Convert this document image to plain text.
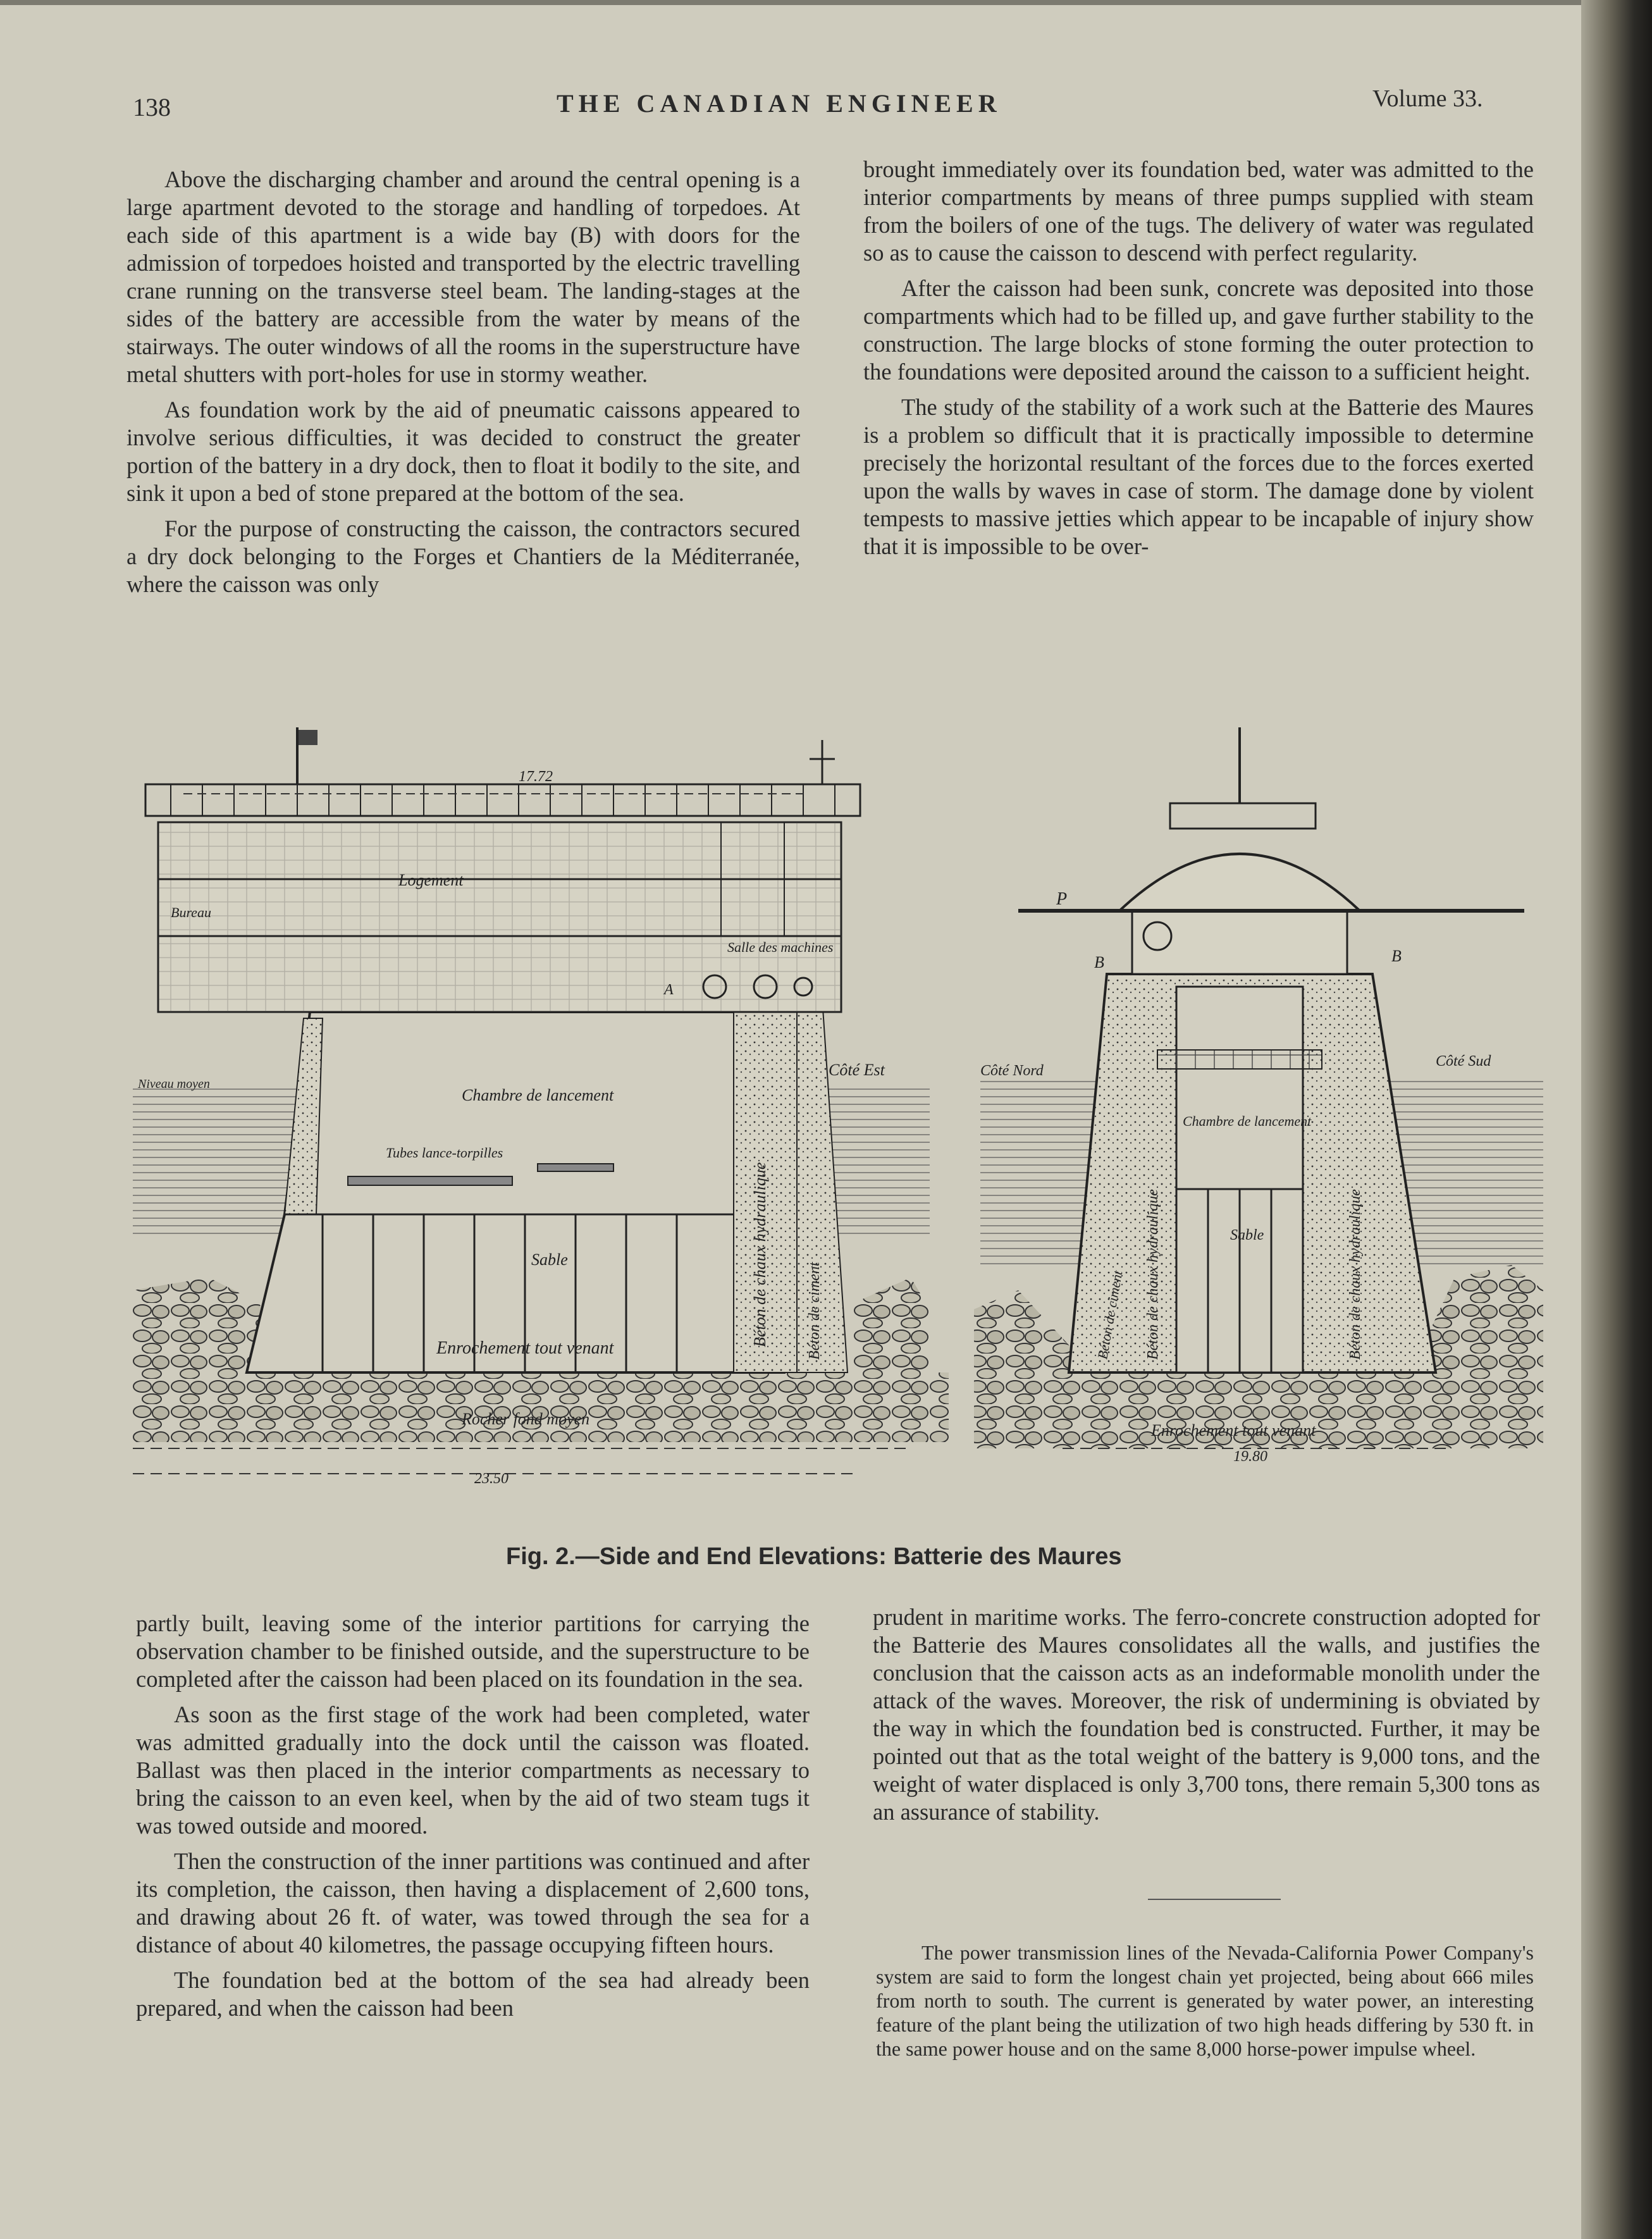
138	THE CANADIAN ENGINEER	Volume 33.

Above the discharging chamber and around the central opening is a large apartment devoted to the storage and handling of torpedoes. At each side of this apartment is a wide bay (B) with doors for the admission of torpedoes hoisted and transported by the electric travelling crane running on the transverse steel beam. The landing-stages at the sides of the battery are accessible from the water by means of the stairways. The outer windows of all the rooms in the superstructure have metal shutters with port-holes for use in stormy weather.

As foundation work by the aid of pneumatic caissons appeared to involve serious difficulties, it was decided to construct the greater portion of the battery in a dry dock, then to float it bodily to the site, and sink it upon a bed of stone prepared at the bottom of the sea.

For the purpose of constructing the caisson, the contractors secured a dry dock belonging to the Forges et Chantiers de la Méditerranée, where the caisson was only

brought immediately over its foundation bed, water was admitted to the interior compartments by means of three pumps supplied with steam from the boilers of one of the tugs. The delivery of water was regulated so as to cause the caisson to descend with perfect regularity.

After the caisson had been sunk, concrete was deposited into those compartments which had to be filled up, and gave further stability to the construction. The large blocks of stone forming the outer protection to the foundations were deposited around the caisson to a sufficient height.

The study of the stability of a work such at the Batterie des Maures is a problem so difficult that it is practically impossible to determine precisely the horizontal resultant of the forces due to the forces exerted upon the walls by waves in case of storm. The damage done by violent tempests to massive jetties which appear to be incapable of injury show that it is impossible to be over-

Bureau
Logement
Salle des machines
Chambre de lancement
Tubes lance-torpilles
Sable
Enrochement tout venant
Rocher fond moyen
Côté Est
Niveau moyen
17.72
23.50
A
Béton de chaux hydraulique Béton de ciment
P
B	B
Côté Nord
Côté Sud
Chambre de lancement
Sable
Enrochement tout venant
19.80
Béton de chaux hydraulique	Béton de chaux hydraulique
Béton de ciment
Fig. 2.—Side and End Elevations: Batterie des Maures

partly built, leaving some of the interior partitions for carrying the observation chamber to be finished outside, and the superstructure to be completed after the caisson had been placed on its foundation in the sea.

As soon as the first stage of the work had been completed, water was admitted gradually into the dock until the caisson was floated. Ballast was then placed in the interior compartments as necessary to bring the caisson to an even keel, when by the aid of two steam tugs it was towed outside and moored.

Then the construction of the inner partitions was continued and after its completion, the caisson, then having a displacement of 2,600 tons, and drawing about 26 ft. of water, was towed through the sea for a distance of about 40 kilometres, the passage occupying fifteen hours.

The foundation bed at the bottom of the sea had already been prepared, and when the caisson had been

prudent in maritime works. The ferro-concrete construction adopted for the Batterie des Maures consolidates all the walls, and justifies the conclusion that the caisson acts as an indeformable monolith under the attack of the waves. Moreover, the risk of undermining is obviated by the way in which the foundation bed is constructed. Further, it may be pointed out that as the total weight of the battery is 9,000 tons, and the weight of water displaced is only 3,700 tons, there remain 5,300 tons as an assurance of stability.

The power transmission lines of the Nevada-California Power Company's system are said to form the longest chain yet projected, being about 666 miles from north to south. The current is generated by water power, an interesting feature of the plant being the utilization of two high heads differing by 530 ft. in the same power house and on the same 8,000 horse-power impulse wheel.
